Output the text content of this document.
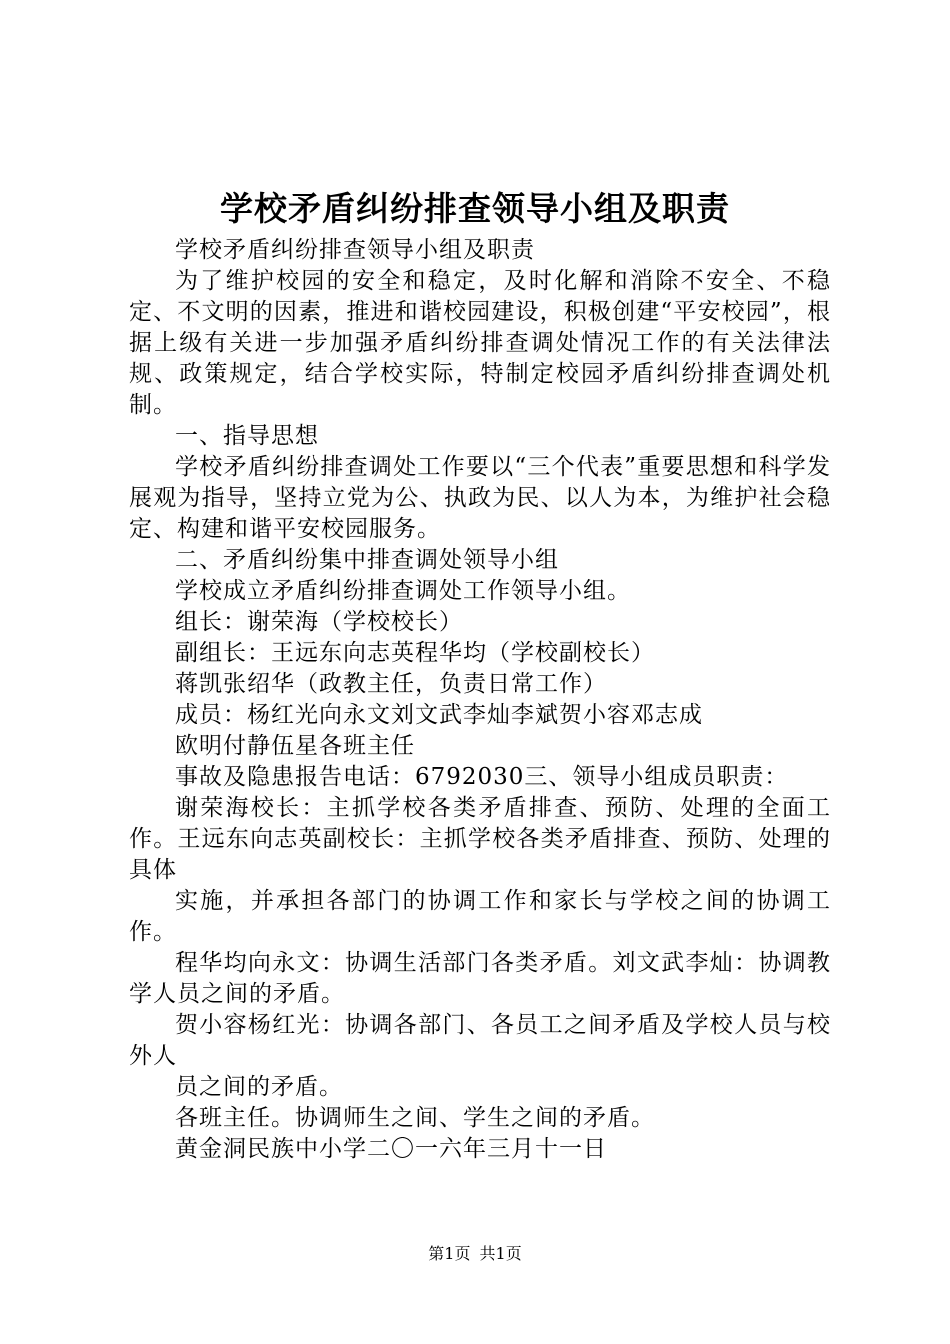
学校矛盾纠纷排查领导小组及职责

学校矛盾纠纷排查领导小组及职责

为了维护校园的安全和稳定，及时化解和消除不安全、不稳定、不文明的因素，推进和谐校园建设，积极创建“平安校园”，根据上级有关进一步加强矛盾纠纷排查调处情况工作的有关法律法规、政策规定，结合学校实际，特制定校园矛盾纠纷排查调处机制。

一、指导思想

学校矛盾纠纷排查调处工作要以“三个代表”重要思想和科学发展观为指导，坚持立党为公、执政为民、以人为本，为维护社会稳定、构建和谐平安校园服务。

二、矛盾纠纷集中排查调处领导小组

学校成立矛盾纠纷排查调处工作领导小组。

组长：谢荣海（学校校长）

副组长：王远东向志英程华均（学校副校长）

蒋凯张绍华（政教主任，负责日常工作）

成员：杨红光向永文刘文武李灿李斌贺小容邓志成

欧明付静伍星各班主任

事故及隐患报告电话：6792030三、领导小组成员职责：

谢荣海校长：主抓学校各类矛盾排查、预防、处理的全面工作。王远东向志英副校长：主抓学校各类矛盾排查、预防、处理的具体

实施，并承担各部门的协调工作和家长与学校之间的协调工作。

程华均向永文：协调生活部门各类矛盾。刘文武李灿：协调教学人员之间的矛盾。

贺小容杨红光：协调各部门、各员工之间矛盾及学校人员与校外人

员之间的矛盾。

各班主任。协调师生之间、学生之间的矛盾。

黄金洞民族中小学二〇一六年三月十一日

第1页 共1页
